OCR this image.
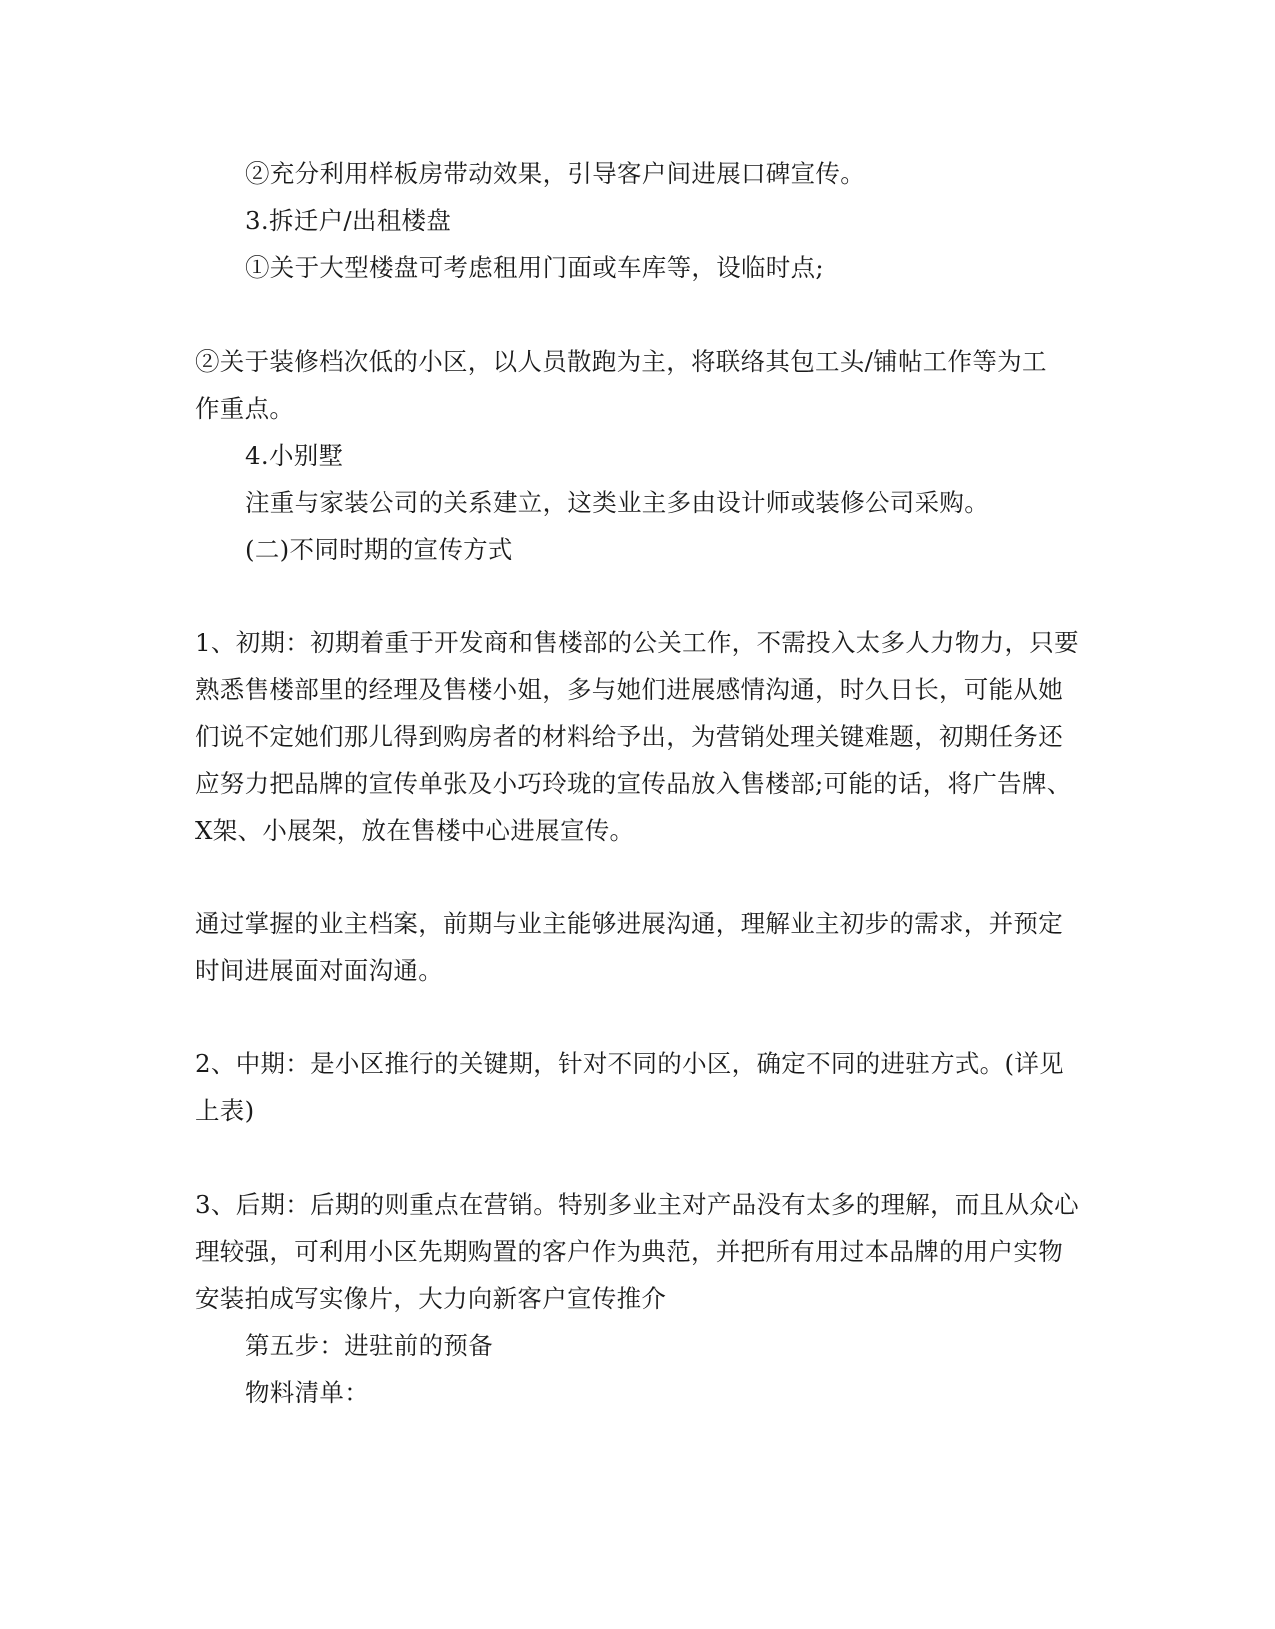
②充分利用样板房带动效果，引导客户间进展口碑宣传。
3.拆迁户/出租楼盘
①关于大型楼盘可考虑租用门面或车库等，设临时点;
②关于装修档次低的小区，以人员散跑为主，将联络其包工头/铺帖工作等为工
作重点。
4.小别墅
注重与家装公司的关系建立，这类业主多由设计师或装修公司采购。
(二)不同时期的宣传方式
1、初期：初期着重于开发商和售楼部的公关工作，不需投入太多人力物力，只要
熟悉售楼部里的经理及售楼小姐，多与她们进展感情沟通，时久日长，可能从她
们说不定她们那儿得到购房者的材料给予出，为营销处理关键难题，初期任务还
应努力把品牌的宣传单张及小巧玲珑的宣传品放入售楼部;可能的话，将广告牌、
X架、小展架，放在售楼中心进展宣传。
通过掌握的业主档案，前期与业主能够进展沟通，理解业主初步的需求，并预定
时间进展面对面沟通。
2、中期：是小区推行的关键期，针对不同的小区，确定不同的进驻方式。(详见
上表)
3、后期：后期的则重点在营销。特别多业主对产品没有太多的理解，而且从众心
理较强，可利用小区先期购置的客户作为典范，并把所有用过本品牌的用户实物
安装拍成写实像片，大力向新客户宣传推介
第五步：进驻前的预备
物料清单：
